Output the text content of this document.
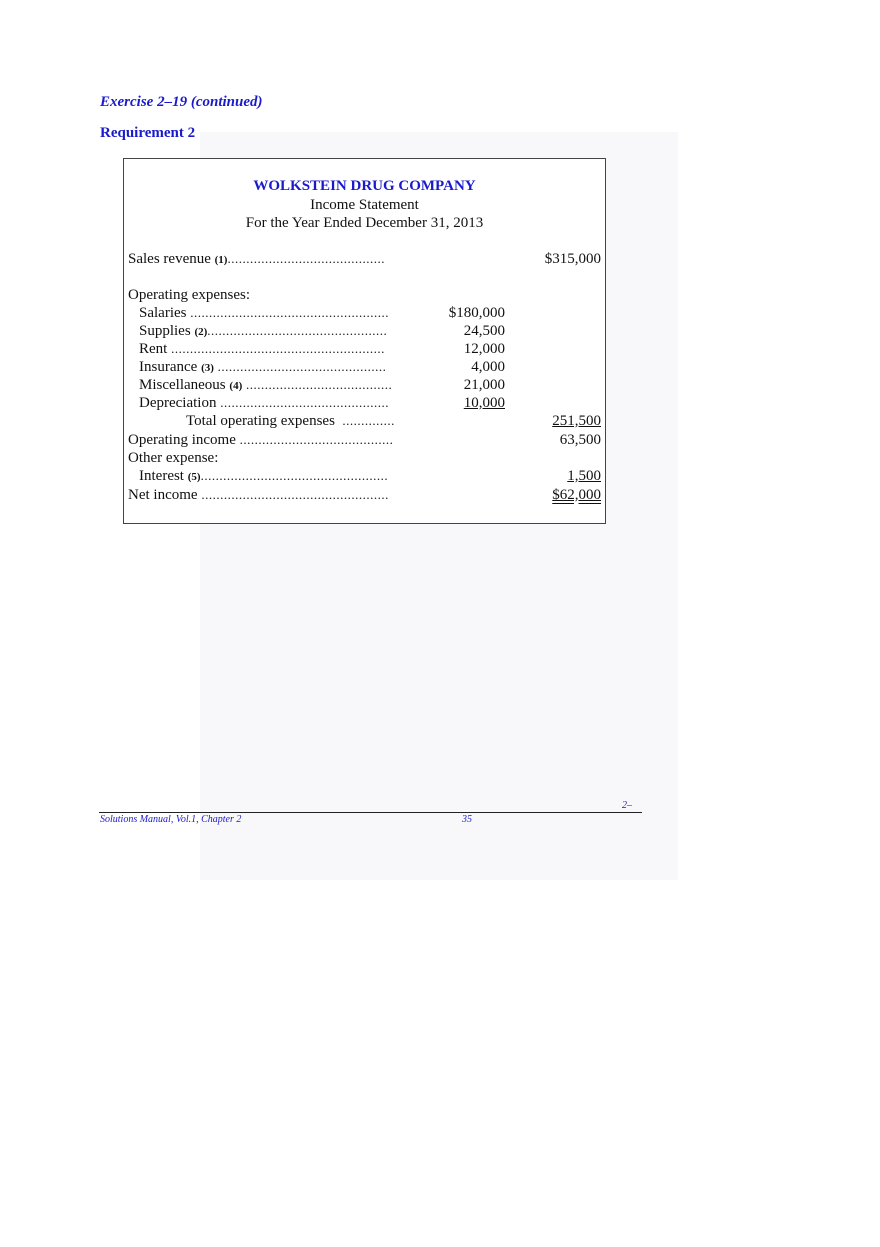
Exercise 2–19 (continued)
Requirement 2
WOLKSTEIN DRUG COMPANY
Income Statement
For the Year Ended December 31, 2013
Sales revenue (1)..........................................	$315,000
Operating expenses:
Salaries .....................................................	$180,000
Supplies (2)................................................	24,500
Rent .........................................................	12,000
Insurance (3) .............................................	4,000
Miscellaneous (4) .......................................	21,000
Depreciation .............................................	10,000
Total operating expenses ..............	251,500
Operating income .........................................	63,500
Other expense:
Interest (5)..................................................	1,500
Net income ..................................................	$62,000
2–
Solutions Manual, Vol.1, Chapter 2	35
